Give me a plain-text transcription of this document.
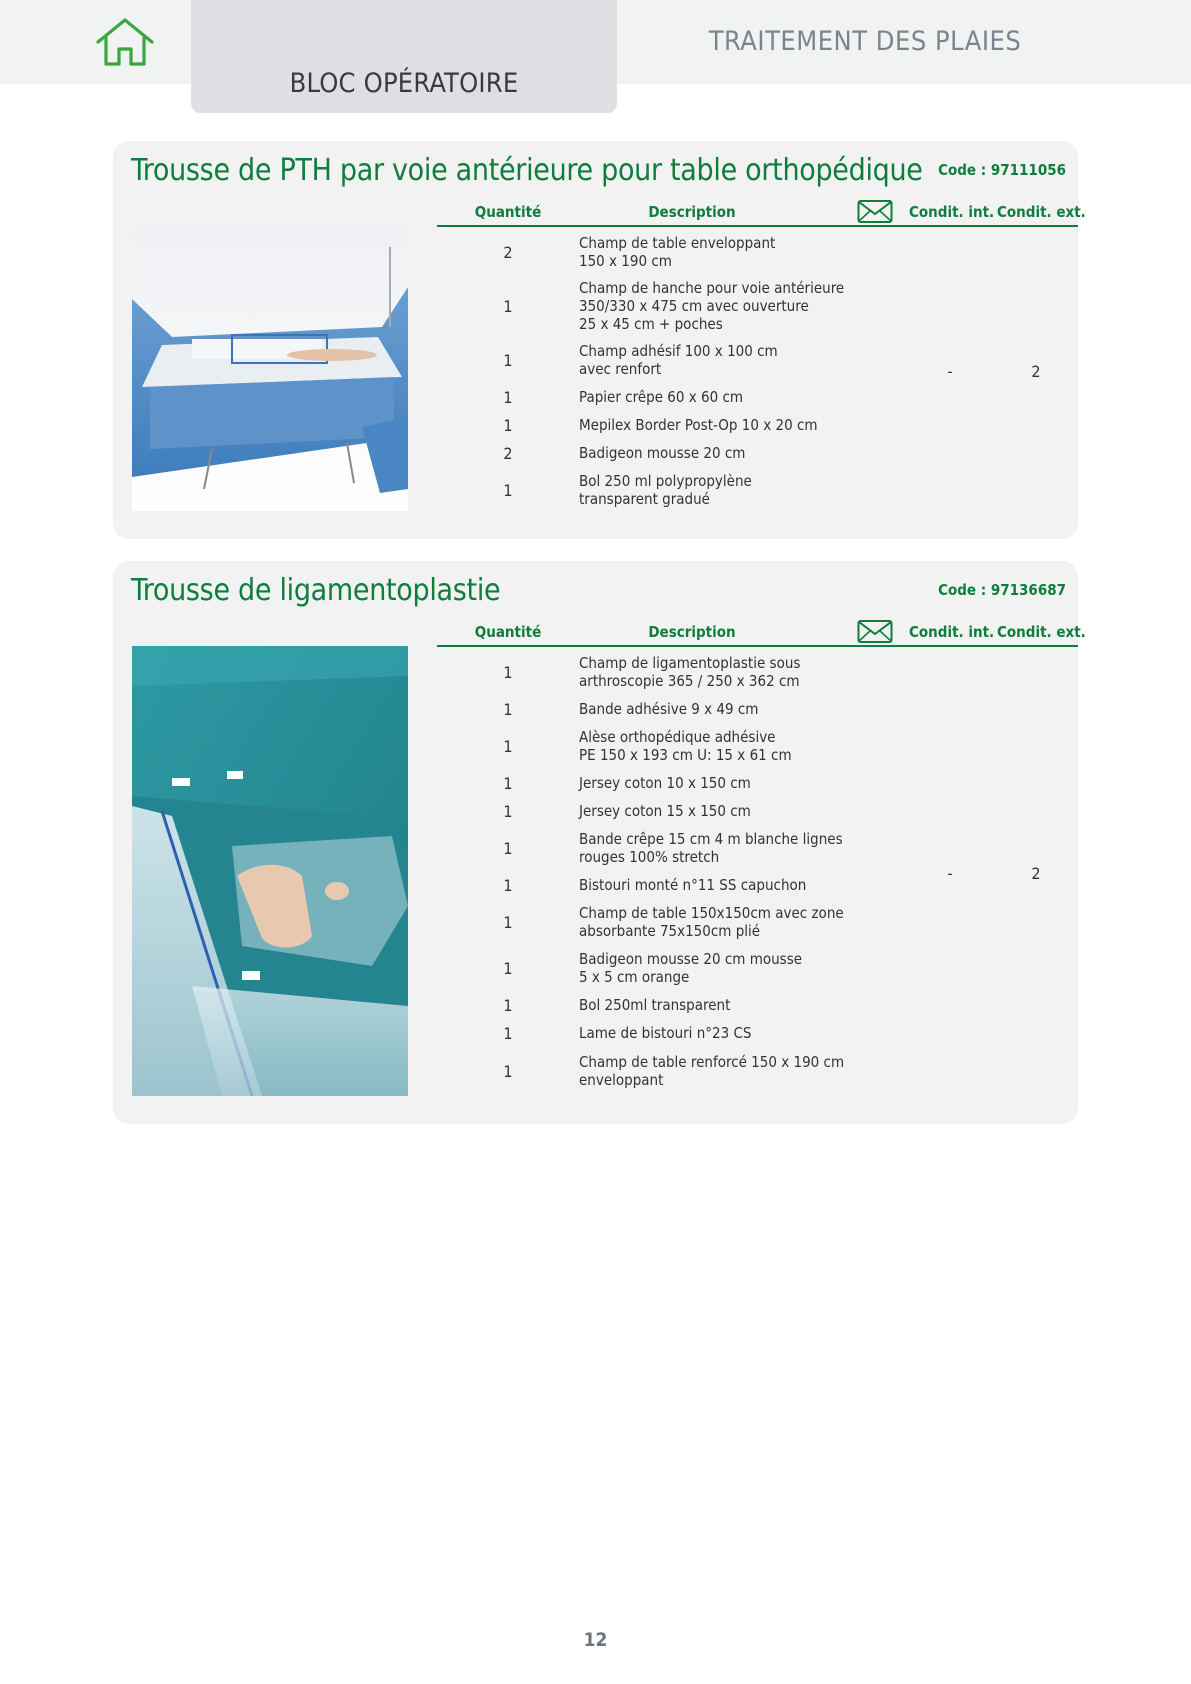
BLOC OPÉRATOIRE
TRAITEMENT DES PLAIES
Trousse de PTH par voie antérieure pour table orthopédique Code : 97111056
Quantité	Description	Condit. int. Condit. ext.
2	Champ de table enveloppant
150 x 190 cm
1
Champ de hanche pour voie antérieure
350/330 x 475 cm avec ouverture
25 x 45 cm + poches
1	Champ adhésif 100 x 100 cm
avec renfort
1	Papier crêpe 60 x 60 cm
1	Mepilex Border Post-Op 10 x 20 cm
2	Badigeon mousse 20 cm
1	Bol 250 ml polypropylène
transparent gradué
-	2
Trousse de ligamentoplastie	Code : 97136687
Quantité	Description	Condit. int. Condit. ext.
1	Champ de ligamentoplastie sous
arthroscopie 365 / 250 x 362 cm
1	Bande adhésive 9 x 49 cm
1	Alèse orthopédique adhésive
PE 150 x 193 cm U: 15 x 61 cm
1	Jersey coton 10 x 150 cm
1	Jersey coton 15 x 150 cm
1	Bande crêpe 15 cm 4 m blanche lignes
rouges 100% stretch
1	Bistouri monté n°11 SS capuchon
1	Champ de table 150x150cm avec zone
absorbante 75x150cm plié
1	Badigeon mousse 20 cm mousse
5 x 5 cm orange
1	Bol 250ml transparent
1	Lame de bistouri n°23 CS
1	Champ de table renforcé 150 x 190 cm
enveloppant
-	2
12
